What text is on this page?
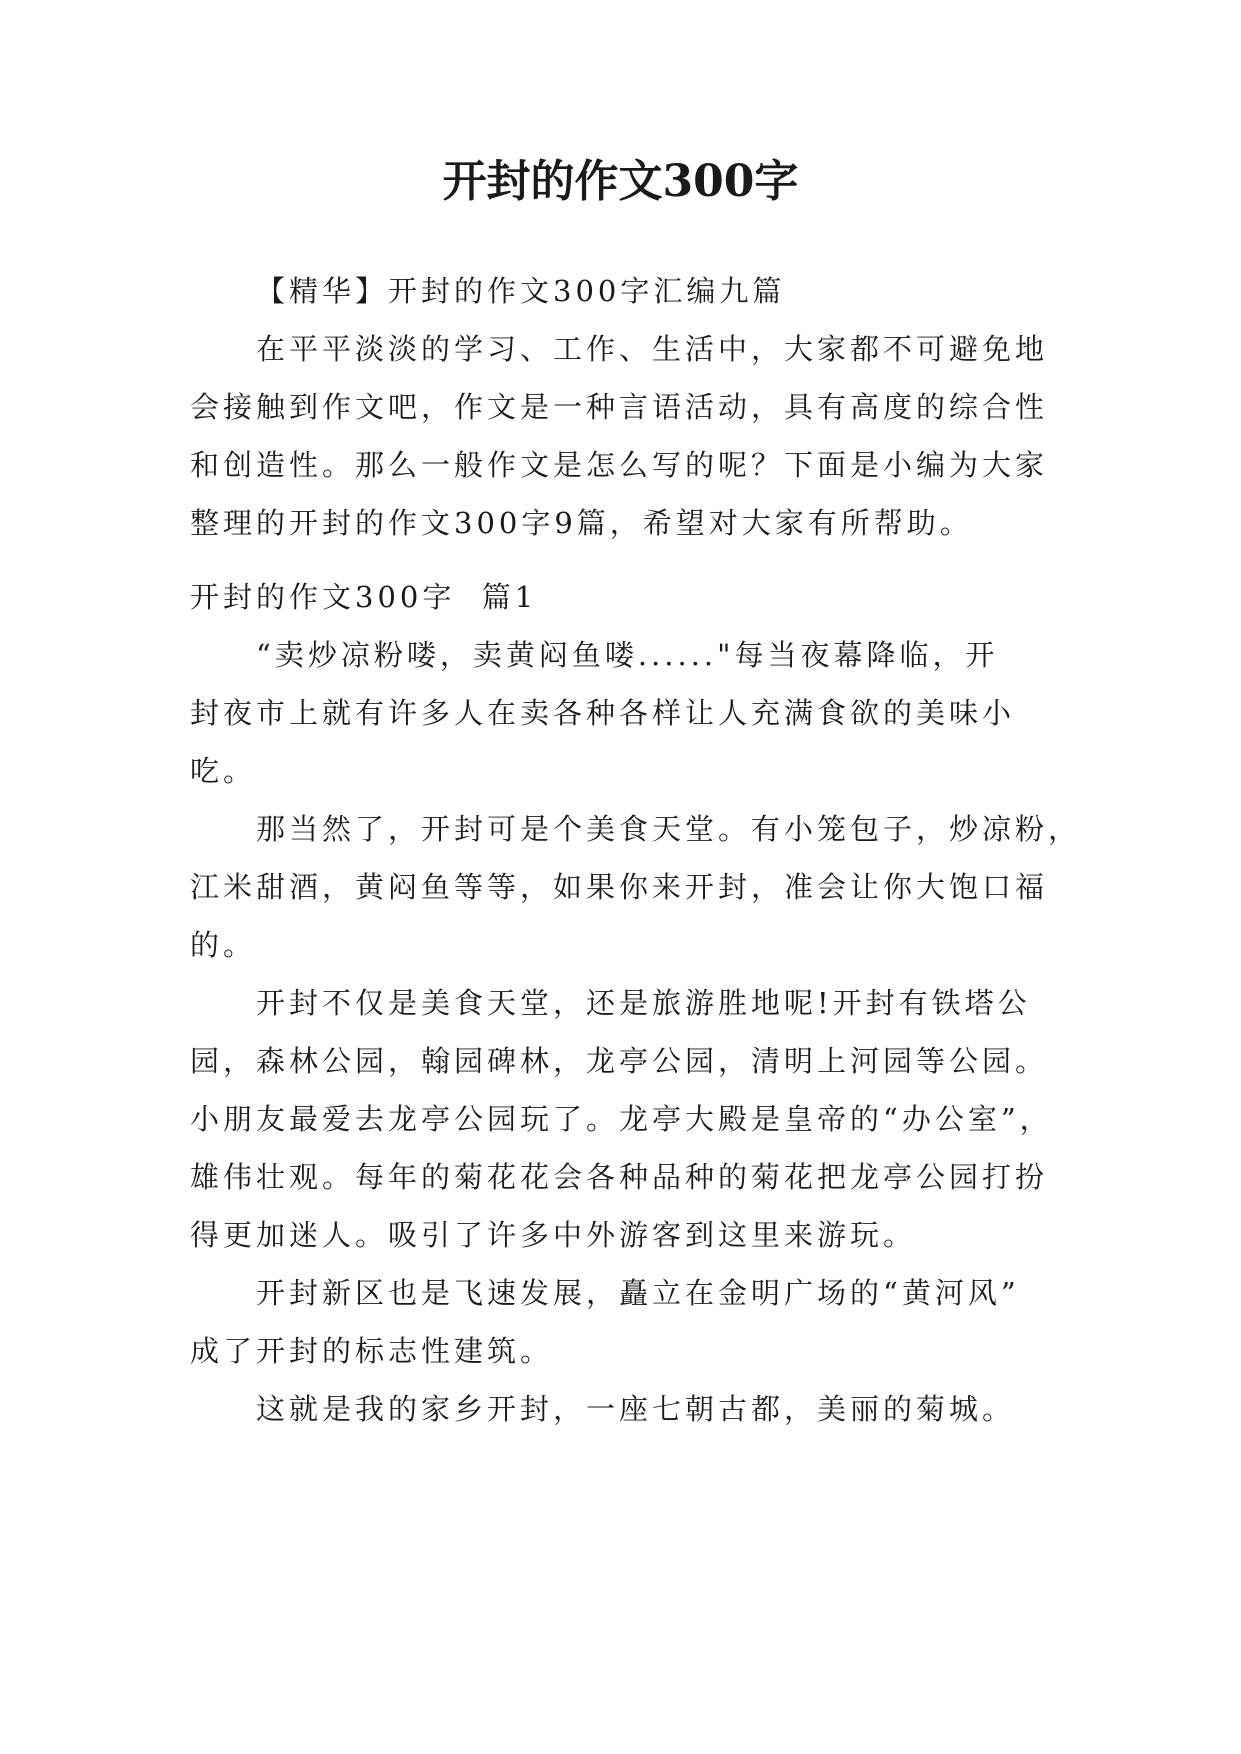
开封的作文300字
【精华】开封的作文300字汇编九篇
在平平淡淡的学习、工作、生活中，大家都不可避免地
会接触到作文吧，作文是一种言语活动，具有高度的综合性
和创造性。那么一般作文是怎么写的呢？下面是小编为大家
整理的开封的作文300字9篇，希望对大家有所帮助。
开封的作文300字  篇1
“卖炒凉粉喽，卖黄闷鱼喽......"每当夜幕降临，开
封夜市上就有许多人在卖各种各样让人充满食欲的美味小
吃。
那当然了，开封可是个美食天堂。有小笼包子，炒凉粉，
江米甜酒，黄闷鱼等等，如果你来开封，准会让你大饱口福
的。
开封不仅是美食天堂，还是旅游胜地呢!开封有铁塔公
园，森林公园，翰园碑林，龙亭公园，清明上河园等公园。
小朋友最爱去龙亭公园玩了。龙亭大殿是皇帝的“办公室”，
雄伟壮观。每年的菊花花会各种品种的菊花把龙亭公园打扮
得更加迷人。吸引了许多中外游客到这里来游玩。
开封新区也是飞速发展，矗立在金明广场的“黄河风”
成了开封的标志性建筑。
这就是我的家乡开封，一座七朝古都，美丽的菊城。
